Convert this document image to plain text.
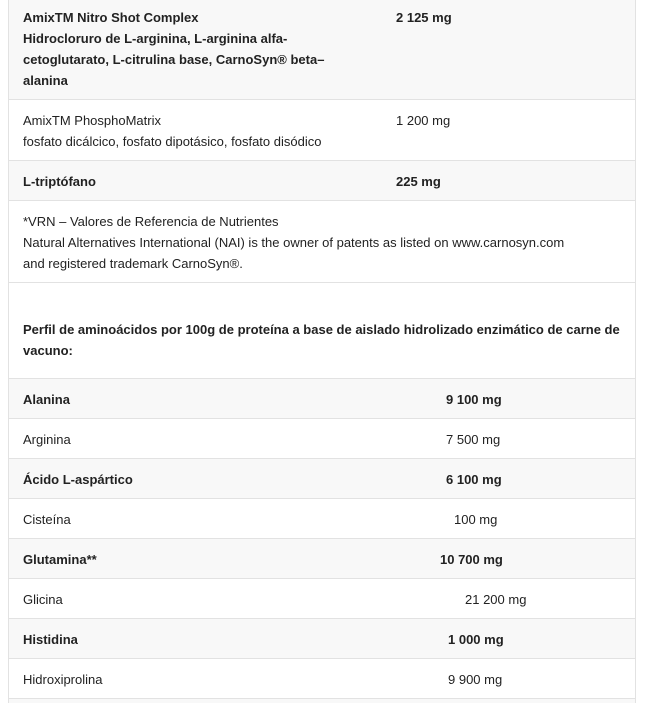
AmixTM Nitro Shot Complex
Hidrocloruro de L-arginina, L-arginina alfa-
cetoglutarato, L-citrulina base, CarnoSyn® beta–
alanina
2 125 mg
AmixTM PhosphoMatrix
fosfato dicálcico, fosfato dipotásico, fosfato disódico
1 200 mg
L-triptófano	225 mg
*VRN – Valores de Referencia de Nutrientes
Natural Alternatives International (NAI) is the owner of patents as listed on www.carnosyn.com
and registered trademark CarnoSyn®.
Perfil de aminoácidos por 100g de proteína a base de aislado hidrolizado enzimático de carne de vacuno:
Alanina	9 100 mg
Arginina	7 500 mg
Ácido L-aspártico	6 100 mg
Cisteína	100 mg
Glutamina**	10 700 mg
Glicina	21 200 mg
Histidina	1 000 mg
Hidroxiprolina	9 900 mg
